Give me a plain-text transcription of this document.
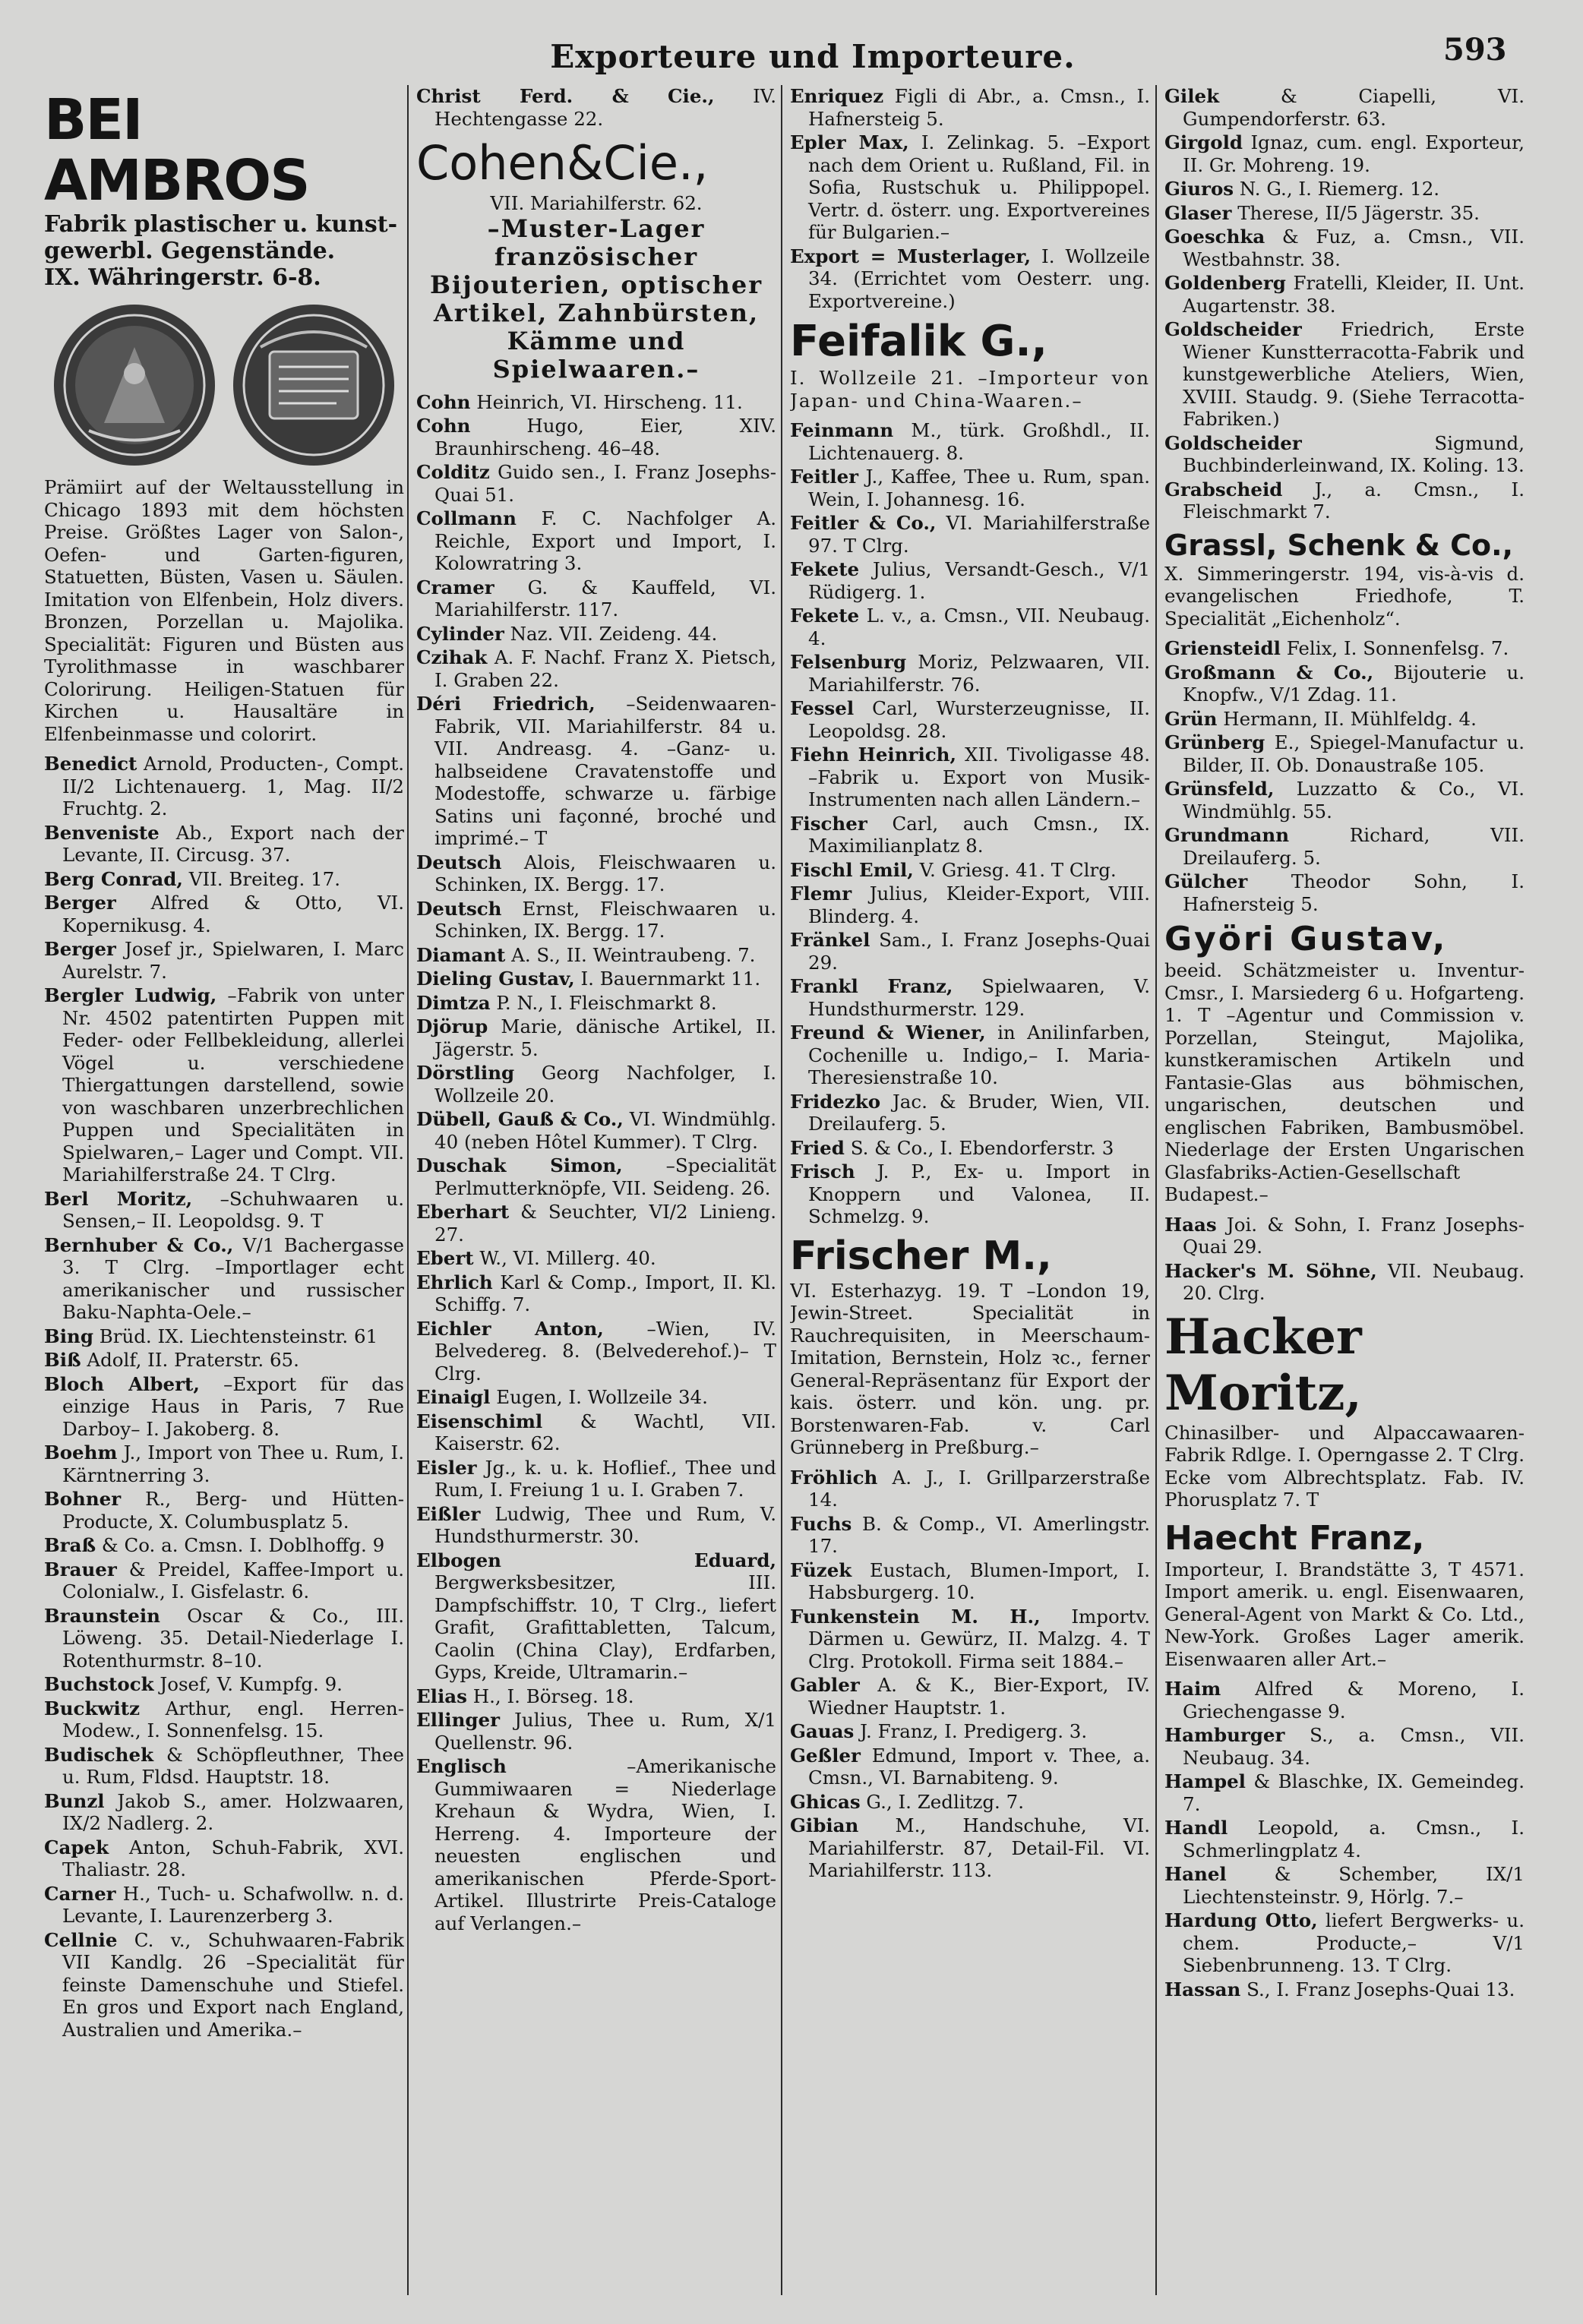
Exporteure und Importeure.	593
BEI AMBROS
Fabrik plastischer u. kunst-
gewerbl. Gegenstände.
IX. Währingerstr. 6-8.
Prämiirt auf der Weltausstellung in Chicago 1893 mit dem höchsten Preise. Größtes Lager von Salon-, Oefen- und Garten-figuren, Statuetten, Büsten, Vasen u. Säulen. Imitation von Elfenbein, Holz divers. Bronzen, Porzellan u. Majolika. Specialität: Figuren und Büsten aus Tyrolithmasse in waschbarer Colorirung. Heiligen-Statuen für Kirchen u. Hausaltäre in Elfenbeinmasse und colorirt.
Benedict Arnold, Producten-, Compt. II/2 Lichtenauerg. 1, Mag. II/2 Fruchtg. 2.
Benveniste Ab., Export nach der Levante, II. Circusg. 37.
Berg Conrad, VII. Breiteg. 17.
Berger Alfred & Otto, VI. Kopernikusg. 4.
Berger Josef jr., Spielwaren, I. Marc Aurelstr. 7.
Bergler Ludwig, –Fabrik von unter Nr. 4502 patentirten Puppen mit Feder- oder Fellbekleidung, allerlei Vögel u. verschiedene Thiergattungen darstellend, sowie von waschbaren unzerbrechlichen Puppen und Specialitäten in Spielwaren,– Lager und Compt. VII. Mariahilferstraße 24. T Clrg.
Berl Moritz, –Schuhwaaren u. Sensen,– II. Leopoldsg. 9. T
Bernhuber & Co., V/1 Bachergasse 3. T Clrg. –Importlager echt amerikanischer und russischer Baku-Naphta-Oele.–
Bing Brüd. IX. Liechtensteinstr. 61
Biß Adolf, II. Praterstr. 65.
Bloch Albert, –Export für das einzige Haus in Paris, 7 Rue Darboy– I. Jakoberg. 8.
Boehm J., Import von Thee u. Rum, I. Kärntnerring 3.
Bohner R., Berg- und Hütten-Producte, X. Columbusplatz 5.
Braß & Co. a. Cmsn. I. Doblhoffg. 9
Brauer & Preidel, Kaffee-Import u. Colonialw., I. Gisfelastr. 6.
Braunstein Oscar & Co., III. Löweng. 35. Detail-Niederlage I. Rotenthurmstr. 8–10.
Buchstock Josef, V. Kumpfg. 9.
Buckwitz Arthur, engl. Herren-Modew., I. Sonnenfelsg. 15.
Budischek & Schöpfleuthner, Thee u. Rum, Fldsd. Hauptstr. 18.
Bunzl Jakob S., amer. Holzwaaren, IX/2 Nadlerg. 2.
Capek Anton, Schuh-Fabrik, XVI. Thaliastr. 28.
Carner H., Tuch- u. Schafwollw. n. d. Levante, I. Laurenzerberg 3.
Cellnie C. v., Schuhwaaren-Fabrik VII Kandlg. 26 –Specialität für feinste Damenschuhe und Stiefel. En gros und Export nach England, Australien und Amerika.–
Christ Ferd. & Cie., IV. Hechtengasse 22.
Cohen&Cie.,
VII. Mariahilferstr. 62.
–Muster-Lager französischer Bijouterien, optischer Artikel, Zahnbürsten, Kämme und Spielwaaren.–
Cohn Heinrich, VI. Hirscheng. 11.
Cohn Hugo, Eier, XIV. Braunhirscheng. 46–48.
Colditz Guido sen., I. Franz Josephs-Quai 51.
Collmann F. C. Nachfolger A. Reichle, Export und Import, I. Kolowratring 3.
Cramer G. & Kauffeld, VI. Mariahilferstr. 117.
Cylinder Naz. VII. Zeideng. 44.
Czihak A. F. Nachf. Franz X. Pietsch, I. Graben 22.
Déri Friedrich, –Seidenwaaren-Fabrik, VII. Mariahilferstr. 84 u. VII. Andreasg. 4. –Ganz- u. halbseidene Cravatenstoffe und Modestoffe, schwarze u. färbige Satins uni façonné, broché und imprimé.– T
Deutsch Alois, Fleischwaaren u. Schinken, IX. Bergg. 17.
Deutsch Ernst, Fleischwaaren u. Schinken, IX. Bergg. 17.
Diamant A. S., II. Weintraubeng. 7.
Dieling Gustav, I. Bauernmarkt 11.
Dimtza P. N., I. Fleischmarkt 8.
Djörup Marie, dänische Artikel, II. Jägerstr. 5.
Dörstling Georg Nachfolger, I. Wollzeile 20.
Dübell, Gauß & Co., VI. Windmühlg. 40 (neben Hôtel Kummer). T Clrg.
Duschak Simon, –Specialität Perlmutterknöpfe, VII. Seideng. 26.
Eberhart & Seuchter, VI/2 Linieng. 27.
Ebert W., VI. Millerg. 40.
Ehrlich Karl & Comp., Import, II. Kl. Schiffg. 7.
Eichler Anton, –Wien, IV. Belvedereg. 8. (Belvederehof.)– T Clrg.
Einaigl Eugen, I. Wollzeile 34.
Eisenschiml & Wachtl, VII. Kaiserstr. 62.
Eisler Jg., k. u. k. Hoflief., Thee und Rum, I. Freiung 1 u. I. Graben 7.
Eißler Ludwig, Thee und Rum, V. Hundsthurmerstr. 30.
Elbogen Eduard, Bergwerksbesitzer, III. Dampfschiffstr. 10, T Clrg., liefert Grafit, Grafittabletten, Talcum, Caolin (China Clay), Erdfarben, Gyps, Kreide, Ultramarin.–
Elias H., I. Börseg. 18.
Ellinger Julius, Thee u. Rum, X/1 Quellenstr. 96.
Englisch –Amerikanische Gummiwaaren = Niederlage Krehaun & Wydra, Wien, I. Herreng. 4. Importeure der neuesten englischen und amerikanischen Pferde-Sport-Artikel. Illustrirte Preis-Cataloge auf Verlangen.–
Enriquez Figli di Abr., a. Cmsn., I. Hafnersteig 5.
Epler Max, I. Zelinkag. 5. –Export nach dem Orient u. Rußland, Fil. in Sofia, Rustschuk u. Philippopel. Vertr. d. österr. ung. Exportvereines für Bulgarien.–
Export = Musterlager, I. Wollzeile 34. (Errichtet vom Oesterr. ung. Exportvereine.)
Feifalik G.,
I. Wollzeile 21. –Importeur von Japan- und China-Waaren.–
Feinmann M., türk. Großhdl., II. Lichtenauerg. 8.
Feitler J., Kaffee, Thee u. Rum, span. Wein, I. Johannesg. 16.
Feitler & Co., VI. Mariahilferstraße 97. T Clrg.
Fekete Julius, Versandt-Gesch., V/1 Rüdigerg. 1.
Fekete L. v., a. Cmsn., VII. Neubaug. 4.
Felsenburg Moriz, Pelzwaaren, VII. Mariahilferstr. 76.
Fessel Carl, Wursterzeugnisse, II. Leopoldsg. 28.
Fiehn Heinrich, XII. Tivoligasse 48. –Fabrik u. Export von Musik-Instrumenten nach allen Ländern.–
Fischer Carl, auch Cmsn., IX. Maximilianplatz 8.
Fischl Emil, V. Griesg. 41. T Clrg.
Flemr Julius, Kleider-Export, VIII. Blinderg. 4.
Fränkel Sam., I. Franz Josephs-Quai 29.
Frankl Franz, Spielwaaren, V. Hundsthurmerstr. 129.
Freund & Wiener, in Anilinfarben, Cochenille u. Indigo,– I. Maria-Theresienstraße 10.
Fridezko Jac. & Bruder, Wien, VII. Dreilauferg. 5.
Fried S. & Co., I. Ebendorferstr. 3
Frisch J. P., Ex- u. Import in Knoppern und Valonea, II. Schmelzg. 9.
Frischer M.,
VI. Esterhazyg. 19. T –London 19, Jewin-Street. Specialität in Rauchrequisiten, in Meerschaum-Imitation, Bernstein, Holz ꝛc., ferner General-Repräsentanz für Export der kais. österr. und kön. ung. pr. Borstenwaren-Fab. v. Carl Grünneberg in Preßburg.–
Fröhlich A. J., I. Grillparzerstraße 14.
Fuchs B. & Comp., VI. Amerlingstr. 17.
Füzek Eustach, Blumen-Import, I. Habsburgerg. 10.
Funkenstein M. H., Importv. Därmen u. Gewürz, II. Malzg. 4. T Clrg. Protokoll. Firma seit 1884.–
Gabler A. & K., Bier-Export, IV. Wiedner Hauptstr. 1.
Gauas J. Franz, I. Predigerg. 3.
Geßler Edmund, Import v. Thee, a. Cmsn., VI. Barnabiteng. 9.
Ghicas G., I. Zedlitzg. 7.
Gibian M., Handschuhe, VI. Mariahilferstr. 87, Detail-Fil. VI. Mariahilferstr. 113.
Gilek & Ciapelli, VI. Gumpendorferstr. 63.
Girgold Ignaz, cum. engl. Exporteur, II. Gr. Mohreng. 19.
Giuros N. G., I. Riemerg. 12.
Glaser Therese, II/5 Jägerstr. 35.
Goeschka & Fuz, a. Cmsn., VII. Westbahnstr. 38.
Goldenberg Fratelli, Kleider, II. Unt. Augartenstr. 38.
Goldscheider Friedrich, Erste Wiener Kunstterracotta-Fabrik und kunstgewerbliche Ateliers, Wien, XVIII. Staudg. 9. (Siehe Terracotta-Fabriken.)
Goldscheider Sigmund, Buchbinderleinwand, IX. Koling. 13.
Grabscheid J., a. Cmsn., I. Fleischmarkt 7.
Grassl, Schenk & Co.,
X. Simmeringerstr. 194, vis-à-vis d. evangelischen Friedhofe, T. Specialität „Eichenholz“.
Griensteidl Felix, I. Sonnenfelsg. 7.
Großmann & Co., Bijouterie u. Knopfw., V/1 Zdag. 11.
Grün Hermann, II. Mühlfeldg. 4.
Grünberg E., Spiegel-Manufactur u. Bilder, II. Ob. Donaustraße 105.
Grünsfeld, Luzzatto & Co., VI. Windmühlg. 55.
Grundmann Richard, VII. Dreilauferg. 5.
Gülcher Theodor Sohn, I. Hafnersteig 5.
Györi Gustav,
beeid. Schätzmeister u. Inventur-Cmsr., I. Marsiederg 6 u. Hofgarteng. 1. T –Agentur und Commission v. Porzellan, Steingut, Majolika, kunstkeramischen Artikeln und Fantasie-Glas aus böhmischen, ungarischen, deutschen und englischen Fabriken, Bambusmöbel. Niederlage der Ersten Ungarischen Glasfabriks-Actien-Gesellschaft Budapest.–
Haas Joi. & Sohn, I. Franz Josephs-Quai 29.
Hacker's M. Söhne, VII. Neubaug. 20. Clrg.
Hacker Moritz,
Chinasilber- und Alpaccawaaren-Fabrik Rdlge. I. Operngasse 2. T Clrg. Ecke vom Albrechtsplatz. Fab. IV. Phorusplatz 7. T
Haecht Franz,
Importeur, I. Brandstätte 3, T 4571. Import amerik. u. engl. Eisenwaaren, General-Agent von Markt & Co. Ltd., New-York. Großes Lager amerik. Eisenwaaren aller Art.–
Haim Alfred & Moreno, I. Griechengasse 9.
Hamburger S., a. Cmsn., VII. Neubaug. 34.
Hampel & Blaschke, IX. Gemeindeg. 7.
Handl Leopold, a. Cmsn., I. Schmerlingplatz 4.
Hanel & Schember, IX/1 Liechtensteinstr. 9, Hörlg. 7.–
Hardung Otto, liefert Bergwerks- u. chem. Producte,– V/1 Siebenbrunneng. 13. T Clrg.
Hassan S., I. Franz Josephs-Quai 13.
